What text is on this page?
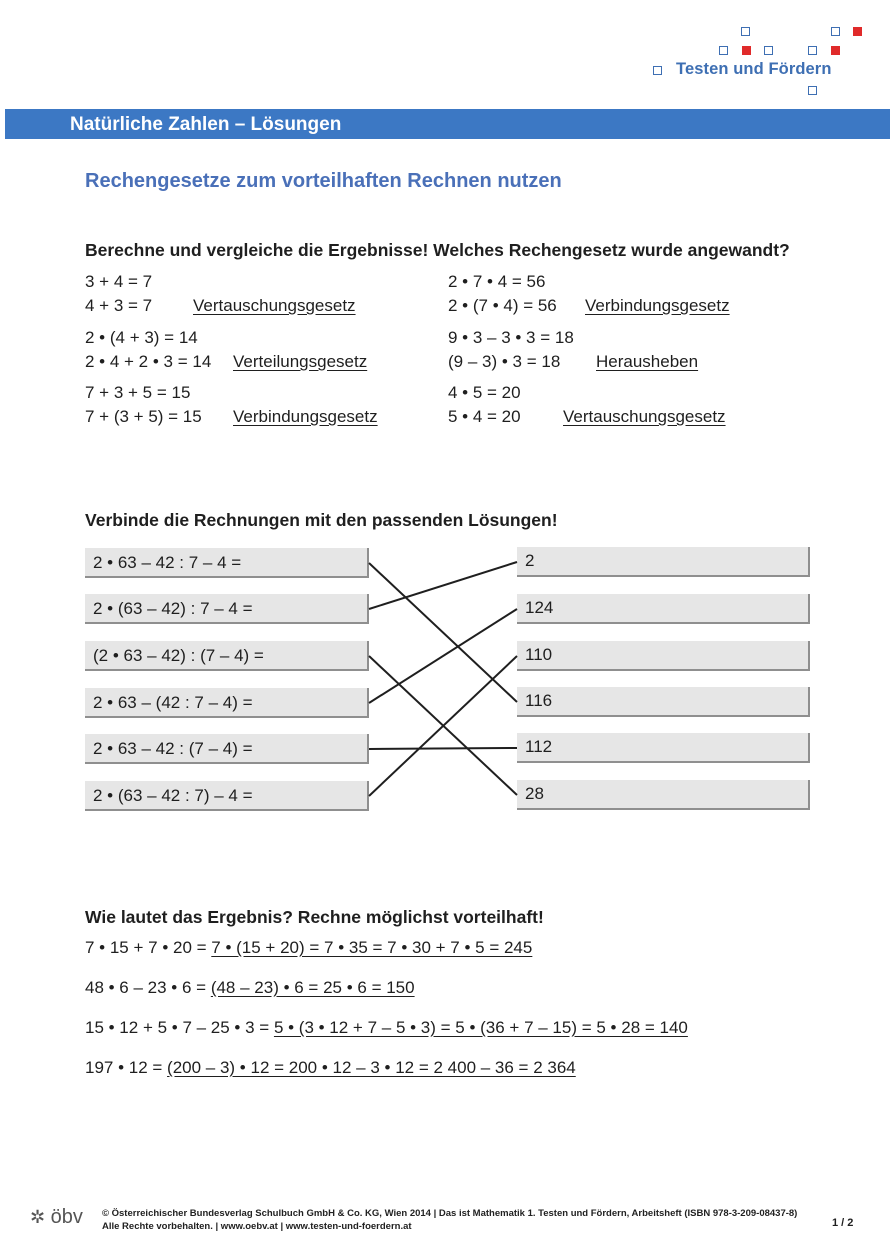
Testen und Fördern
Natürliche Zahlen – Lösungen
Rechengesetze zum vorteilhaften Rechnen nutzen
Berechne und vergleiche die Ergebnisse! Welches Rechengesetz wurde angewandt?
3 + 4 = 7
4 + 3 = 7 Vertauschungsgesetz
2 • (4 + 3) = 14
2 • 4 + 2 • 3 = 14 Verteilungsgesetz
7 + 3 + 5 = 15
7 + (3 + 5) = 15 Verbindungsgesetz
2 • 7 • 4 = 56
2 • (7 • 4) = 56 Verbindungsgesetz
9 • 3 – 3 • 3 = 18
(9 – 3) • 3 = 18 Herausheben
4 • 5 = 20
5 • 4 = 20 Vertauschungsgesetz
Verbinde die Rechnungen mit den passenden Lösungen!
2 • 63 – 42 : 7 – 4 =
2 • (63 – 42) : 7 – 4 =
(2 • 63 – 42) : (7 – 4) =
2 • 63 – (42 : 7 – 4) =
2 • 63 – 42 : (7 – 4) =
2 • (63 – 42 : 7) – 4 =
2
124
110
116
112
28
Wie lautet das Ergebnis? Rechne möglichst vorteilhaft!
7 • 15 + 7 • 20 = 7 • (15 + 20) = 7 • 35 = 7 • 30 + 7 • 5 = 245
48 • 6 – 23 • 6 = (48 – 23) • 6 = 25 • 6 = 150
15 • 12 + 5 • 7 – 25 • 3 = 5 • (3 • 12 + 7 – 5 • 3) = 5 • (36 + 7 – 15) = 5 • 28 = 140
197 • 12 = (200 – 3) • 12 = 200 • 12 – 3 • 12 = 2 400 – 36 = 2 364
✲ öbv © Österreichischer Bundesverlag Schulbuch GmbH & Co. KG, Wien 2014 | Das ist Mathematik 1. Testen und Fördern, Arbeitsheft (ISBN 978-3-209-08437-8)
Alle Rechte vorbehalten. | www.oebv.at | www.testen-und-foerdern.at	1 / 2
